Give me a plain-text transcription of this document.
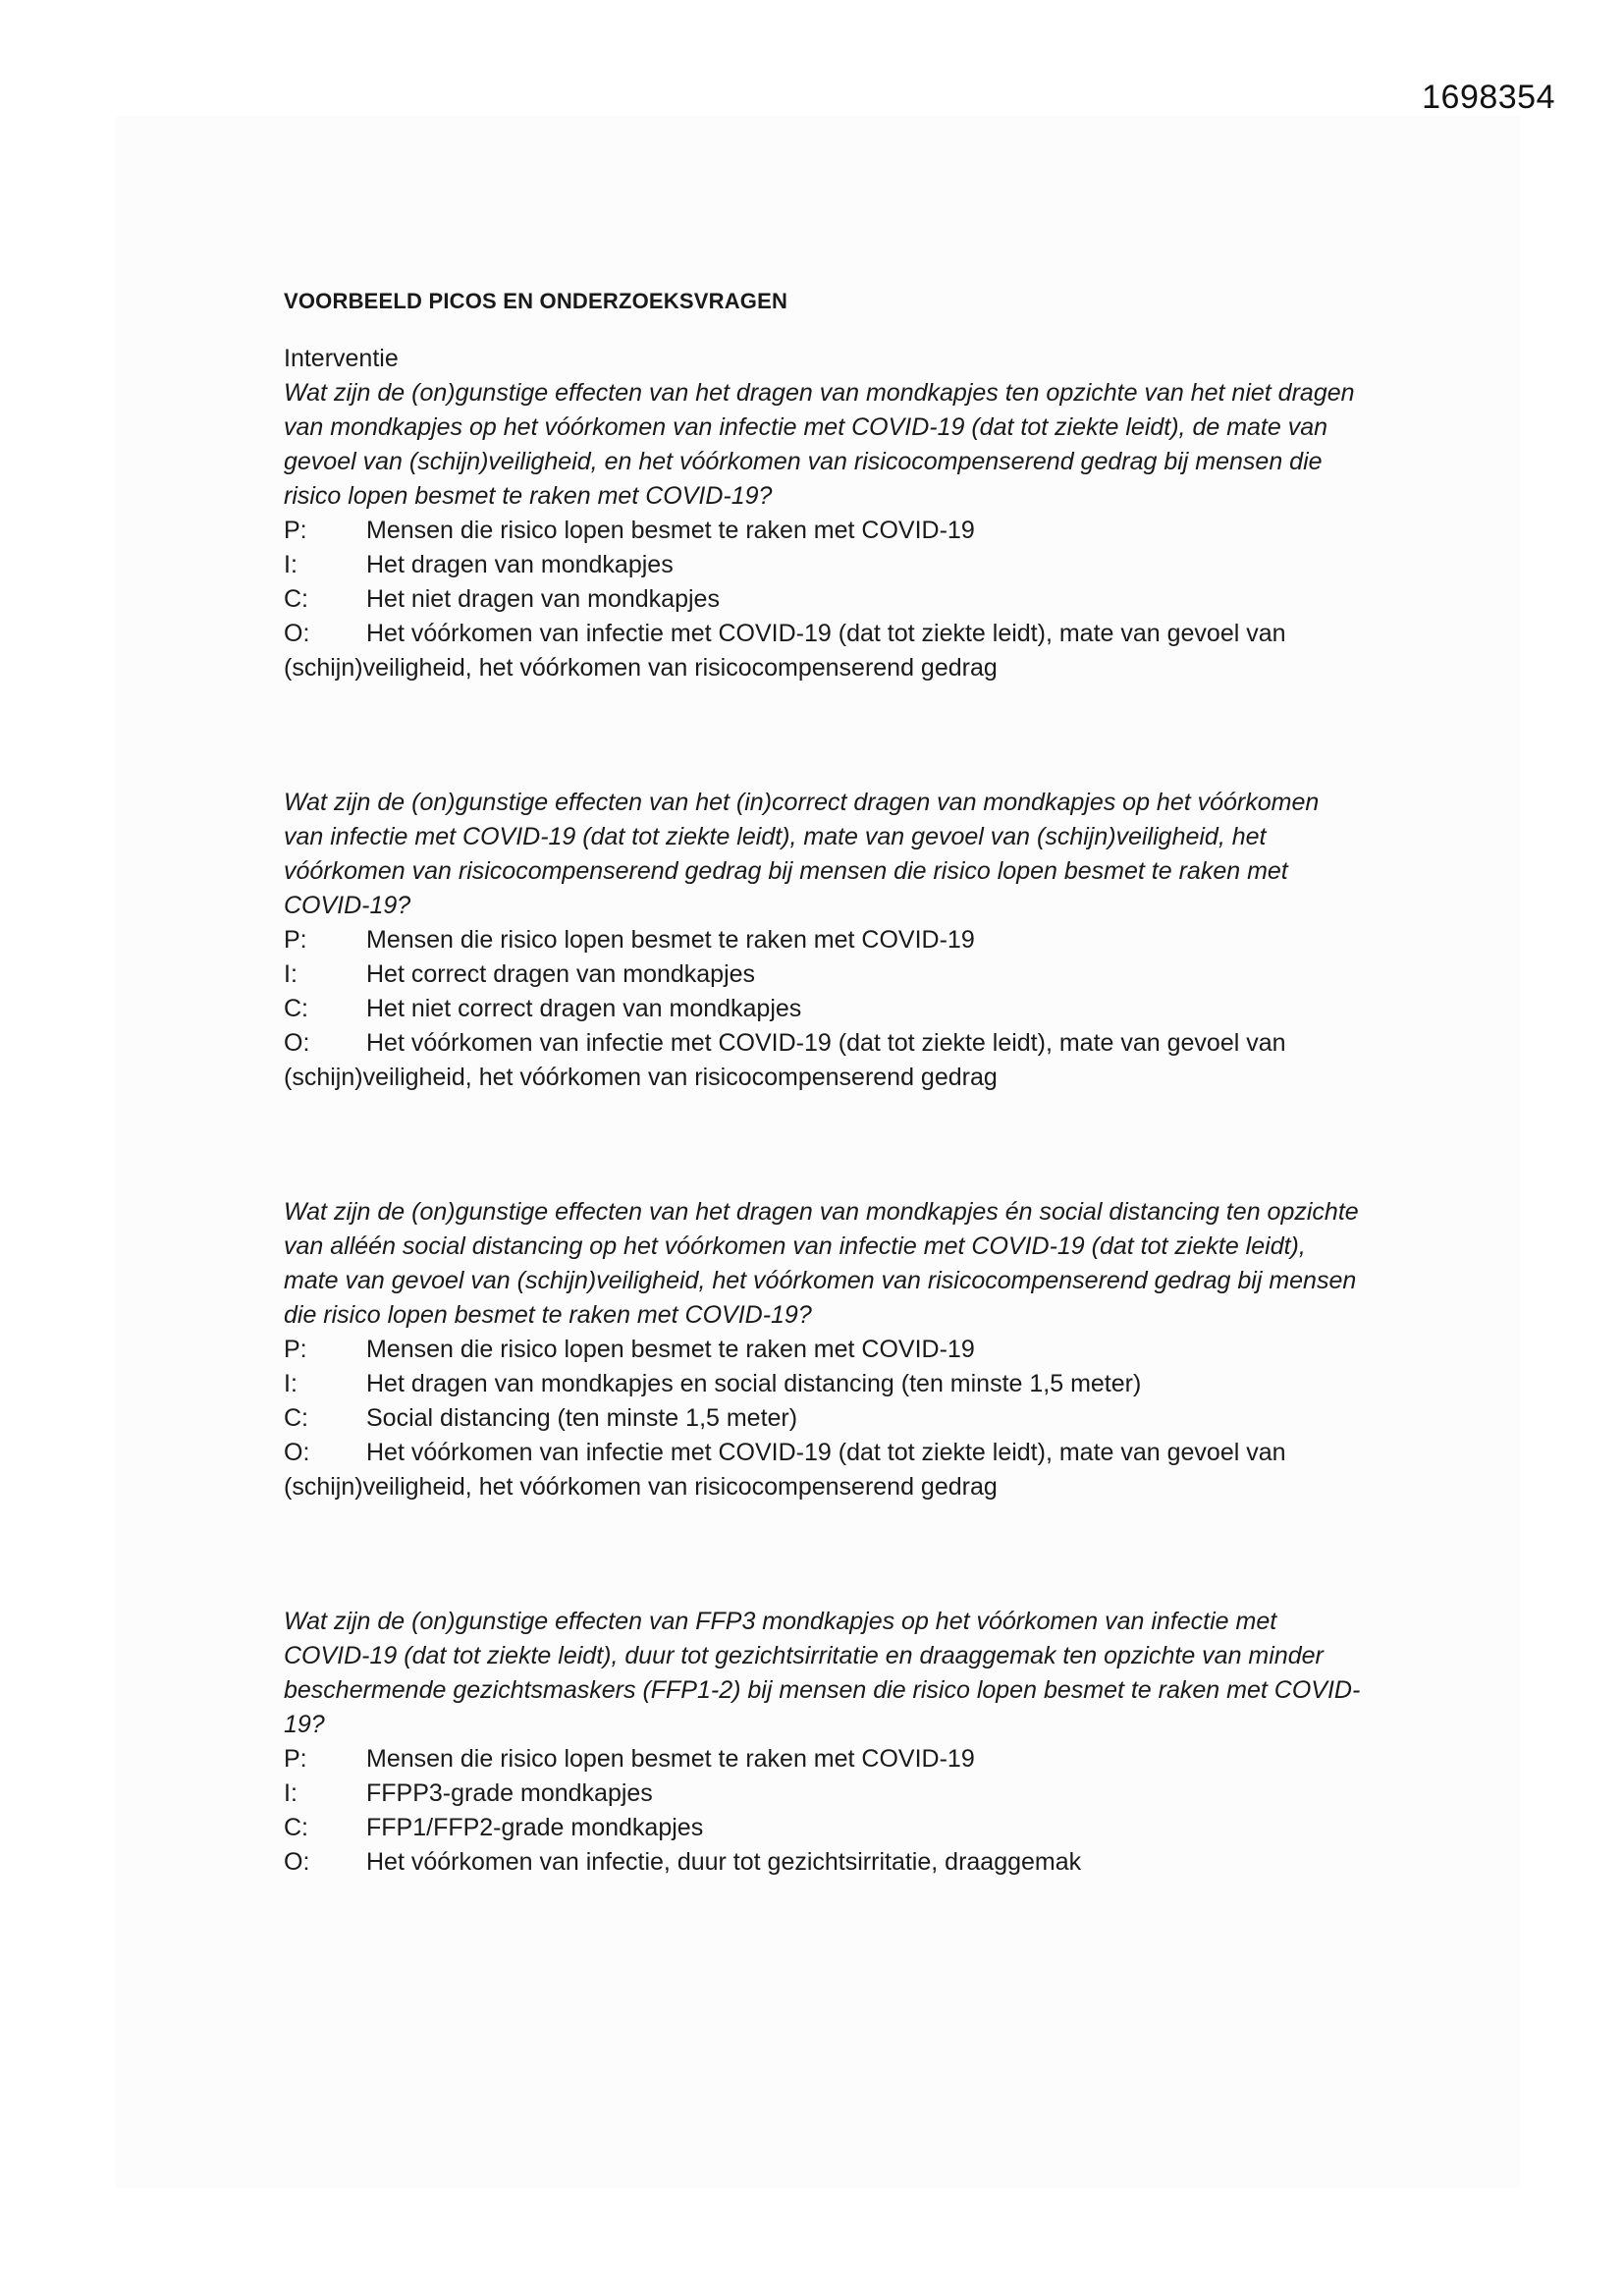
1698354
VOORBEELD PICOS EN ONDERZOEKSVRAGEN
Interventie
Wat zijn de (on)gunstige effecten van het dragen van mondkapjes ten opzichte van het niet dragen van mondkapjes op het vóórkomen van infectie met COVID-19 (dat tot ziekte leidt), de mate van gevoel van (schijn)veiligheid, en het vóórkomen van risicocompenserend gedrag bij mensen die risico lopen besmet te raken met COVID-19?
P:	Mensen die risico lopen besmet te raken met COVID-19
I:	Het dragen van mondkapjes
C:	Het niet dragen van mondkapjes
O: Het vóórkomen van infectie met COVID-19 (dat tot ziekte leidt), mate van gevoel van (schijn)veiligheid, het vóórkomen van risicocompenserend gedrag
Wat zijn de (on)gunstige effecten van het (in)correct dragen van mondkapjes op het vóórkomen van infectie met COVID-19 (dat tot ziekte leidt), mate van gevoel van (schijn)veiligheid, het vóórkomen van risicocompenserend gedrag bij mensen die risico lopen besmet te raken met COVID-19?
P:	Mensen die risico lopen besmet te raken met COVID-19
I:	Het correct dragen van mondkapjes
C:	Het niet correct dragen van mondkapjes
O: Het vóórkomen van infectie met COVID-19 (dat tot ziekte leidt), mate van gevoel van (schijn)veiligheid, het vóórkomen van risicocompenserend gedrag
Wat zijn de (on)gunstige effecten van het dragen van mondkapjes én social distancing ten opzichte van alléén social distancing op het vóórkomen van infectie met COVID-19 (dat tot ziekte leidt), mate van gevoel van (schijn)veiligheid, het vóórkomen van risicocompenserend gedrag bij mensen die risico lopen besmet te raken met COVID-19?
P:	Mensen die risico lopen besmet te raken met COVID-19
I:	Het dragen van mondkapjes en social distancing (ten minste 1,5 meter)
C:	Social distancing (ten minste 1,5 meter)
O: Het vóórkomen van infectie met COVID-19 (dat tot ziekte leidt), mate van gevoel van (schijn)veiligheid, het vóórkomen van risicocompenserend gedrag
Wat zijn de (on)gunstige effecten van FFP3 mondkapjes op het vóórkomen van infectie met COVID-19 (dat tot ziekte leidt), duur tot gezichtsirritatie en draaggemak ten opzichte van minder beschermende gezichtsmaskers (FFP1-2) bij mensen die risico lopen besmet te raken met COVID-19?
P:	Mensen die risico lopen besmet te raken met COVID-19
I:	FFPP3-grade mondkapjes
C:	FFP1/FFP2-grade mondkapjes
O:	Het vóórkomen van infectie, duur tot gezichtsirritatie, draaggemak
